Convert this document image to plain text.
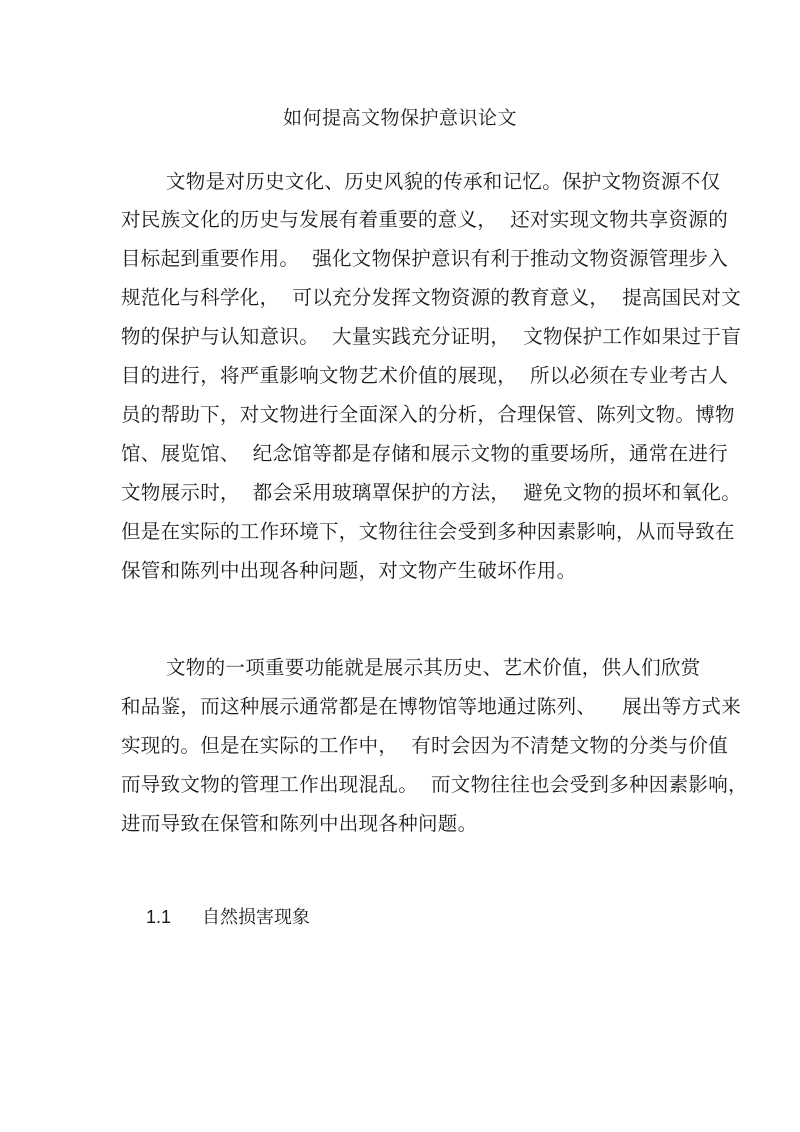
如何提高文物保护意识论文

文物是对历史文化、历史风貌的传承和记忆。保护文物资源不仅

对民族文化的历史与发展有着重要的意义，  还对实现文物共享资源的

目标起到重要作用。  强化文物保护意识有利于推动文物资源管理步入

规范化与科学化，  可以充分发挥文物资源的教育意义，  提高国民对文

物的保护与认知意识。  大量实践充分证明，  文物保护工作如果过于盲

目的进行，将严重影响文物艺术价值的展现，  所以必须在专业考古人

员的帮助下，对文物进行全面深入的分析，合理保管、陈列文物。博物

馆、展览馆、  纪念馆等都是存储和展示文物的重要场所，通常在进行

文物展示时，  都会采用玻璃罩保护的方法，  避免文物的损坏和氧化。

但是在实际的工作环境下，文物往往会受到多种因素影响，从而导致在

保管和陈列中出现各种问题，对文物产生破坏作用。

文物的一项重要功能就是展示其历史、艺术价值，供人们欣赏

和品鉴，而这种展示通常都是在博物馆等地通过陈列、    展出等方式来

实现的。但是在实际的工作中，  有时会因为不清楚文物的分类与价值

而导致文物的管理工作出现混乱。  而文物往往也会受到多种因素影响，

进而导致在保管和陈列中出现各种问题。

1.1 自然损害现象
